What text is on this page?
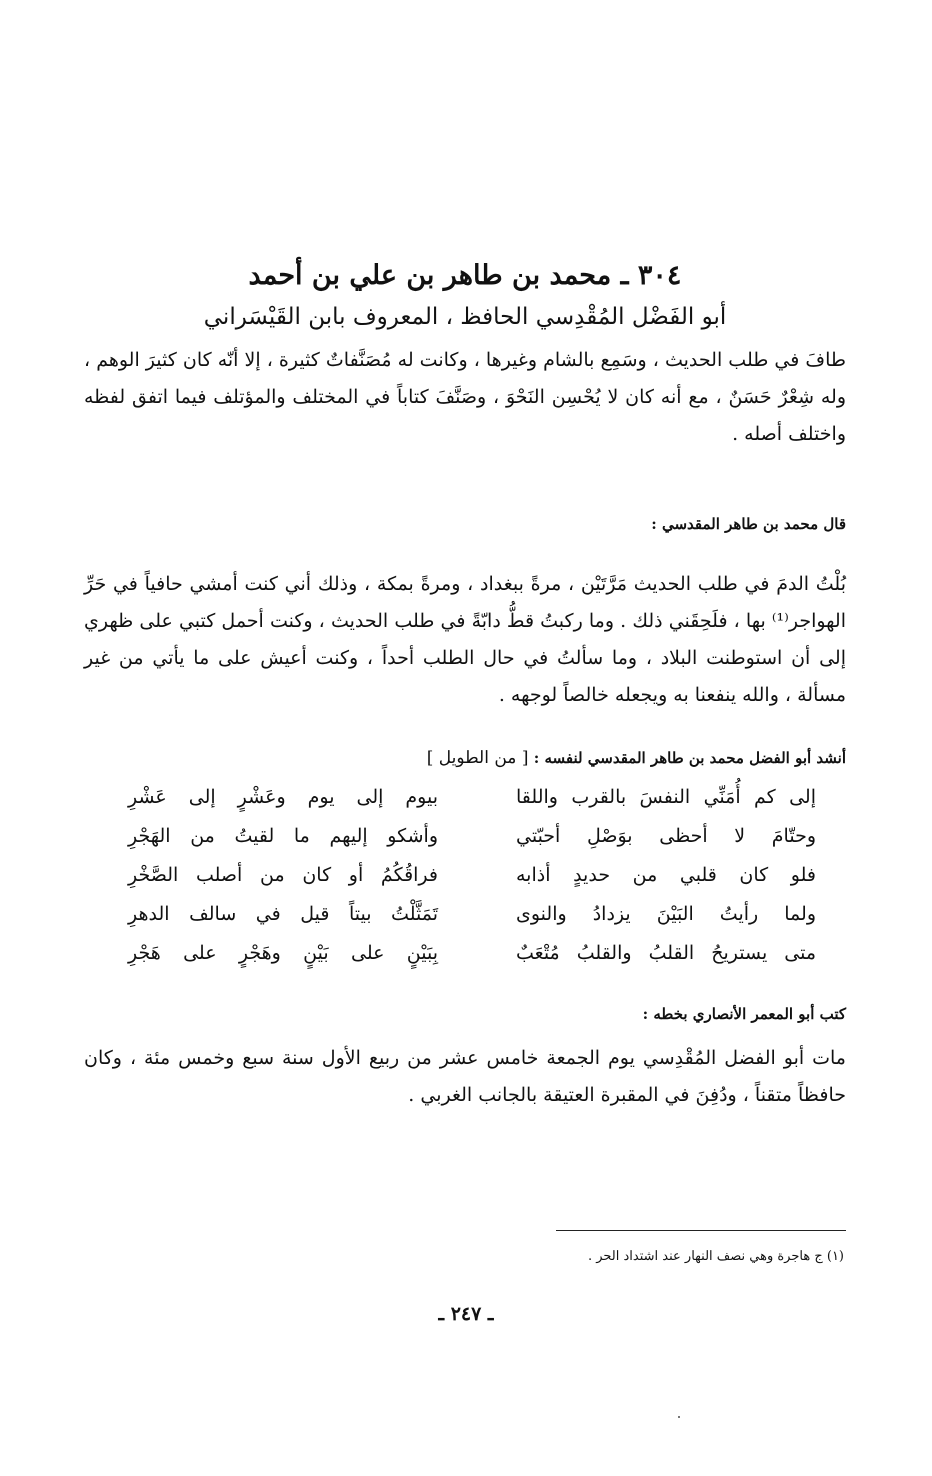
٣٠٤ ـ محمد بن طاهر بن علي بن أحمد
أبو الفَضْل المُقْدِسي الحافظ ، المعروف بابن القَيْسَراني
طافَ في طلب الحديث ، وسَمِع بالشام وغيرها ، وكانت له مُصَنَّفاتٌ كثيرة ، إلا أنّه كان كثيرَ الوهم ، وله شِعْرٌ حَسَنٌ ، مع أنه كان لا يُحْسِن النَحْوَ ، وصَنَّفَ كتاباً في المختلف والمؤتلف فيما اتفق لفظه واختلف أصله .
قال محمد بن طاهر المقدسي :
بُلْتُ الدمَ في طلب الحديث مَرَّتَيْن ، مرةً ببغداد ، ومرةً بمكة ، وذلك أني كنت أمشي حافياً في حَرِّ الهواجر⁽¹⁾ بها ، فلَحِقَني ذلك . وما ركبتُ قطُّ دابّةً في طلب الحديث ، وكنت أحمل كتبي على ظهري إلى أن استوطنت البلاد ، وما سألتُ في حال الطلب أحداً ، وكنت أعيش على ما يأتي من غير مسألة ، والله ينفعنا به ويجعله خالصاً لوجهه .
أنشد أبو الفضل محمد بن طاهر المقدسي لنفسه : [ من الطويل ]
إلى كم أُمَنِّي النفسَ بالقرب واللقا
بيوم إلى يوم وعَشْرٍ إلى عَشْرِ
وحتّامَ لا أحظى بوَصْلِ أحبّتي
وأشكو إليهم ما لقيتُ من الهَجْرِ
فلو كان قلبي من حديدٍ أذابه
فراقُكُمُ أو كان من أصلب الصَّخْرِ
ولما رأيتُ البَيْنَ يزدادُ والنوى
تَمَثَّلْتُ بيتاً قيل في سالف الدهرِ
متى يستريحُ القلبُ والقلبُ مُتْعَبٌ
بِبَيْنٍ على بَيْنٍ وهَجْرٍ على هَجْرِ
كتب أبو المعمر الأنصاري بخطه :
مات أبو الفضل المُقْدِسي يوم الجمعة خامس عشر من ربيع الأول سنة سبع وخمس مئة ، وكان حافظاً متقناً ، ودُفِنَ في المقبرة العتيقة بالجانب الغربي .
(١) ج هاجرة وهي نصف النهار عند اشتداد الحر .
ـ ٢٤٧ ـ
